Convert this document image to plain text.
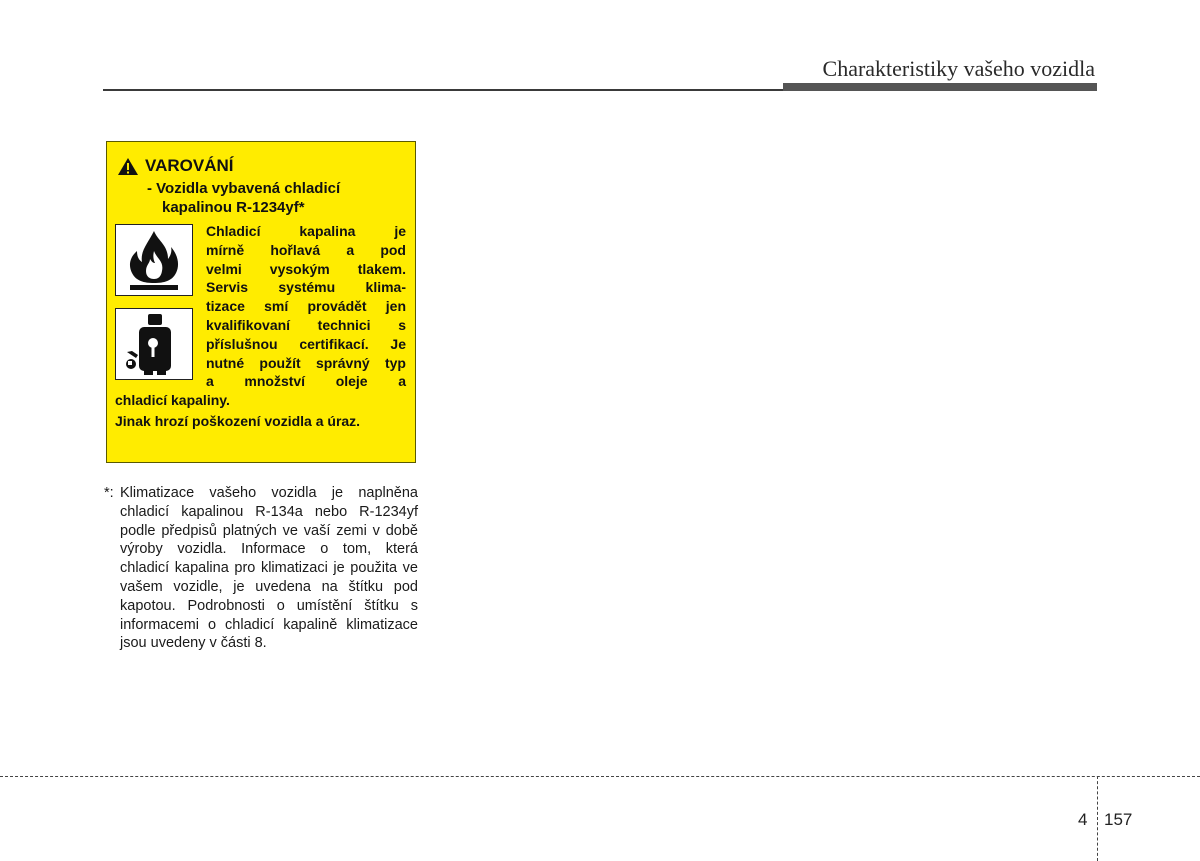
Charakteristiky vašeho vozidla
VAROVÁNÍ
- Vozidla vybavená chladicí
kapalinou R-1234yf*
Chladicí kapalina je
mírně hořlavá a pod
velmi vysokým tlakem.
Servis systému klima-
tizace smí provádět jen
kvalifikovaní technici s
příslušnou certifikací. Je
nutné použít správný typ
a množství oleje a
chladicí kapaliny.
Jinak hrozí poškození vozidla a úraz.
*: Klimatizace vašeho vozidla je naplněna chladicí kapalinou R-134a nebo R-1234yf podle předpisů platných ve vaší zemi v době výroby vozidla. Informace o tom, která chladicí kapalina pro klimatizaci je použita ve vašem vozidle, je uvedena na štítku pod kapotou. Podrobnosti o umístění štítku s informacemi o chladicí kapalině klimatizace jsou uvedeny v části 8.
4 157
